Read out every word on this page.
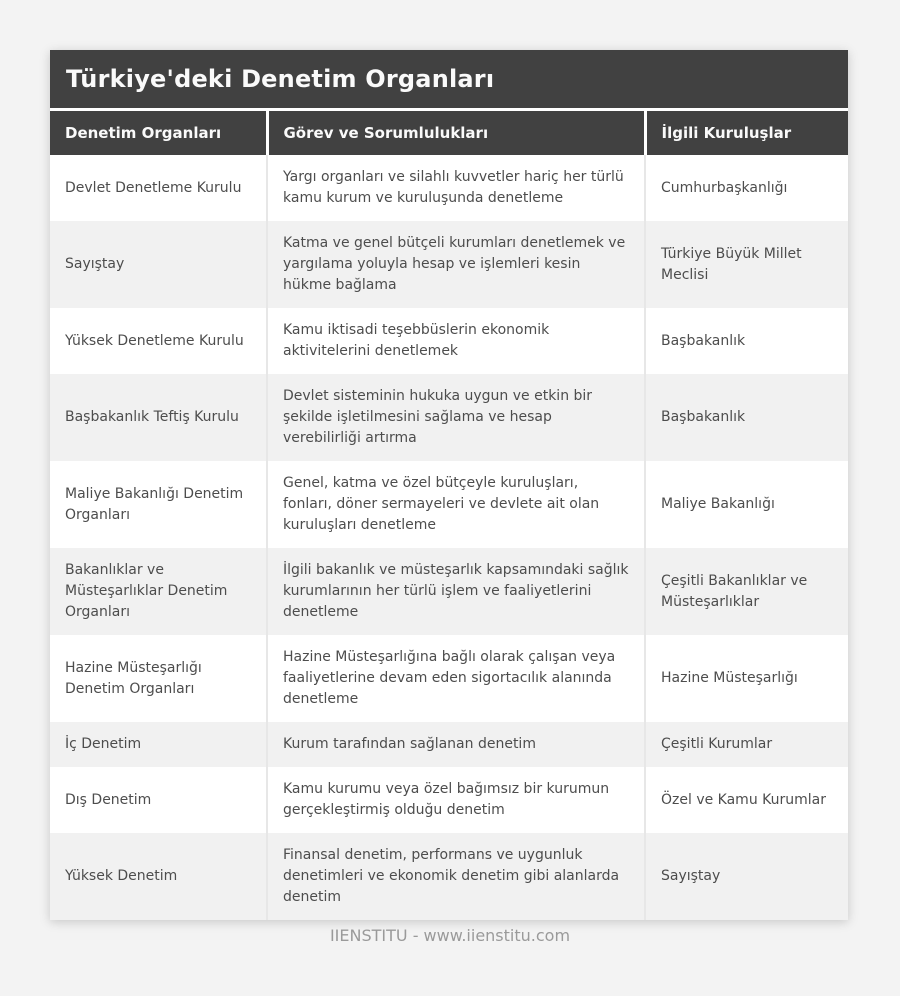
Türkiye'deki Denetim Organları
Denetim Organları	Görev ve Sorumlulukları	İlgili Kuruluşlar
Devlet Denetleme Kurulu	Yargı organları ve silahlı kuvvetler hariç her türlü kamu kurum ve kuruluşunda denetleme	Cumhurbaşkanlığı
Sayıştay	Katma ve genel bütçeli kurumları denetlemek ve yargılama yoluyla hesap ve işlemleri kesin hükme bağlama	Türkiye Büyük Millet Meclisi
Yüksek Denetleme Kurulu	Kamu iktisadi teşebbüslerin ekonomik aktivitelerini denetlemek	Başbakanlık
Başbakanlık Teftiş Kurulu	Devlet sisteminin hukuka uygun ve etkin bir şekilde işletilmesini sağlama ve hesap verebilirliği artırma	Başbakanlık
Maliye Bakanlığı Denetim Organları	Genel, katma ve özel bütçeyle kuruluşları, fonları, döner sermayeleri ve devlete ait olan kuruluşları denetleme	Maliye Bakanlığı
Bakanlıklar ve Müsteşarlıklar Denetim Organları	İlgili bakanlık ve müsteşarlık kapsamındaki sağlık kurumlarının her türlü işlem ve faaliyetlerini denetleme	Çeşitli Bakanlıklar ve Müsteşarlıklar
Hazine Müsteşarlığı Denetim Organları	Hazine Müsteşarlığına bağlı olarak çalışan veya faaliyetlerine devam eden sigortacılık alanında denetleme	Hazine Müsteşarlığı
İç Denetim	Kurum tarafından sağlanan denetim	Çeşitli Kurumlar
Dış Denetim	Kamu kurumu veya özel bağımsız bir kurumun gerçekleştirmiş olduğu denetim	Özel ve Kamu Kurumlar
Yüksek Denetim	Finansal denetim, performans ve uygunluk denetimleri ve ekonomik denetim gibi alanlarda denetim	Sayıştay
IIENSTITU - www.iienstitu.com
